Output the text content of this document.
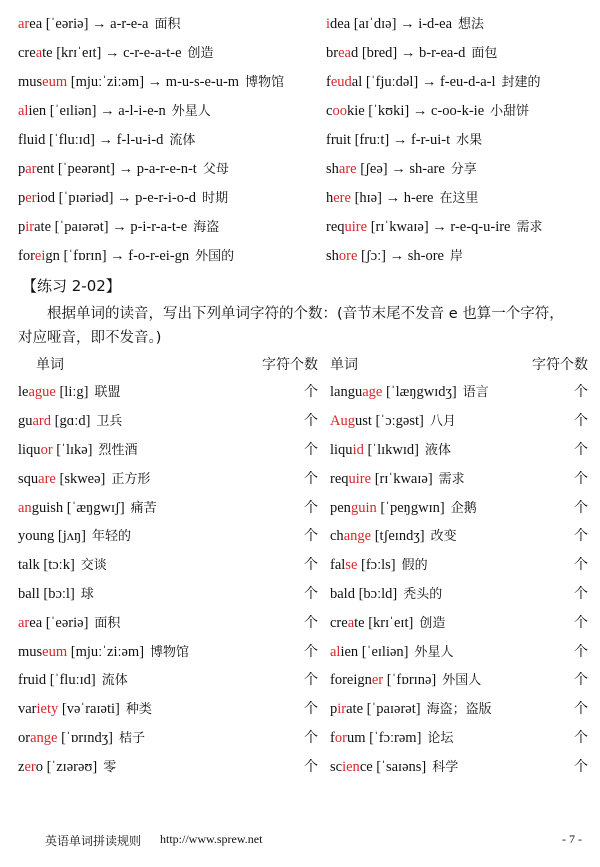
area [ˈeəriə] → a-r-e-a 面积	idea [aɪˈdɪə] → i-d-ea 想法
create [krɪˈeɪt] → c-r-e-a-t-e 创造	bread [bred] → b-r-ea-d 面包
museum [mjuːˈziːəm] → m-u-s-e-u-m 博物馆	feudal [ˈfjuːdəl] → f-eu-d-a-l 封建的
alien [ˈeɪliən] → a-l-i-e-n 外星人	cookie [ˈkʊki] → c-oo-k-ie 小甜饼
fluid [ˈfluːɪd] → f-l-u-i-d 流体	fruit [fruːt] → f-r-ui-t 水果
parent [ˈpeərənt] → p-a-r-e-n-t 父母	share [ʃeə] → sh-are 分享
period [ˈpɪəriəd] → p-e-r-i-o-d 时期	here [hɪə] → h-ere 在这里
pirate [ˈpaɪərət] → p-i-r-a-t-e 海盗	require [rɪˈkwaɪə] → r-e-q-u-ire 需求
foreign [ˈfɒrɪn] → f-o-r-ei-gn 外国的	shore [ʃɔː] → sh-ore 岸
【练习 2-02】
根据单词的读音，写出下列单词字符的个数：(音节末尾不发音 e 也算一个字符，对应哑音，即不发音。)
单词	字符个数 单词	字符个数
league [liːg] 联盟	个 language [ˈlæŋgwɪdʒ] 语言	个
guard [gɑːd] 卫兵	个 August [ˈɔːgəst] 八月	个
liquor [ˈlɪkə] 烈性酒	个 liquid [ˈlɪkwɪd] 液体	个
square [skweə] 正方形	个 require [rɪˈkwaɪə] 需求	个
anguish [ˈæŋgwɪʃ] 痛苦	个 penguin [ˈpeŋgwɪn] 企鹅	个
young [jʌŋ] 年轻的	个 change [tʃeɪndʒ] 改变	个
talk [tɔːk] 交谈	个 false [fɔːls] 假的	个
ball [bɔːl] 球	个 bald [bɔːld] 秃头的	个
area [ˈeəriə] 面积	个 create [krɪˈeɪt] 创造	个
museum [mjuːˈziːəm] 博物馆	个 alien [ˈeɪliən] 外星人	个
fruid [ˈfluːɪd] 流体	个 foreigner [ˈfɒrɪnə] 外国人	个
variety [vəˈraɪəti] 种类	个 pirate [ˈpaɪərət] 海盗；盗版	个
orange [ˈɒrɪndʒ] 桔子	个 forum [ˈfɔːrəm] 论坛	个
zero [ˈzɪərəʊ] 零	个 science [ˈsaɪəns] 科学	个
英语单词拼读规则 http://www.sprew.net	- 7 -
